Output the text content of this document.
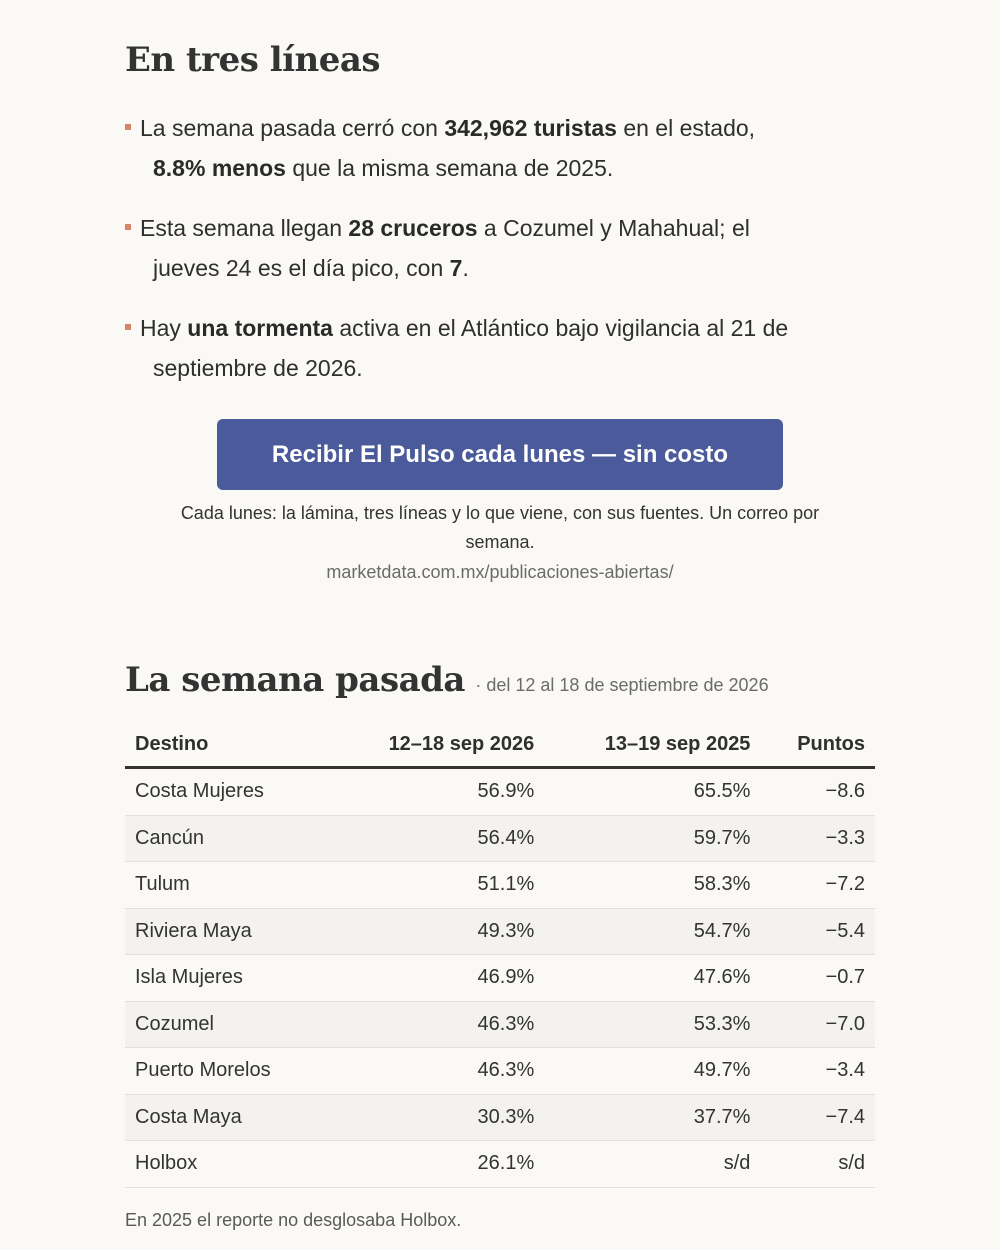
En tres líneas
La semana pasada cerró con 342,962 turistas en el estado,
8.8% menos que la misma semana de 2025.
Esta semana llegan 28 cruceros a Cozumel y Mahahual; el
jueves 24 es el día pico, con 7.
Hay una tormenta activa en el Atlántico bajo vigilancia al 21 de
septiembre de 2026.
Recibir El Pulso cada lunes — sin costo
Cada lunes: la lámina, tres líneas y lo que viene, con sus fuentes. Un correo por semana.
marketdata.com.mx/publicaciones-abiertas/
La semana pasada · del 12 al 18 de septiembre de 2026
Destino	12–18 sep 2026	13–19 sep 2025	Puntos
Costa Mujeres	56.9%	65.5%	−8.6
Cancún	56.4%	59.7%	−3.3
Tulum	51.1%	58.3%	−7.2
Riviera Maya	49.3%	54.7%	−5.4
Isla Mujeres	46.9%	47.6%	−0.7
Cozumel	46.3%	53.3%	−7.0
Puerto Morelos	46.3%	49.7%	−3.4
Costa Maya	30.3%	37.7%	−7.4
Holbox	26.1%	s/d	s/d
En 2025 el reporte no desglosaba Holbox.
